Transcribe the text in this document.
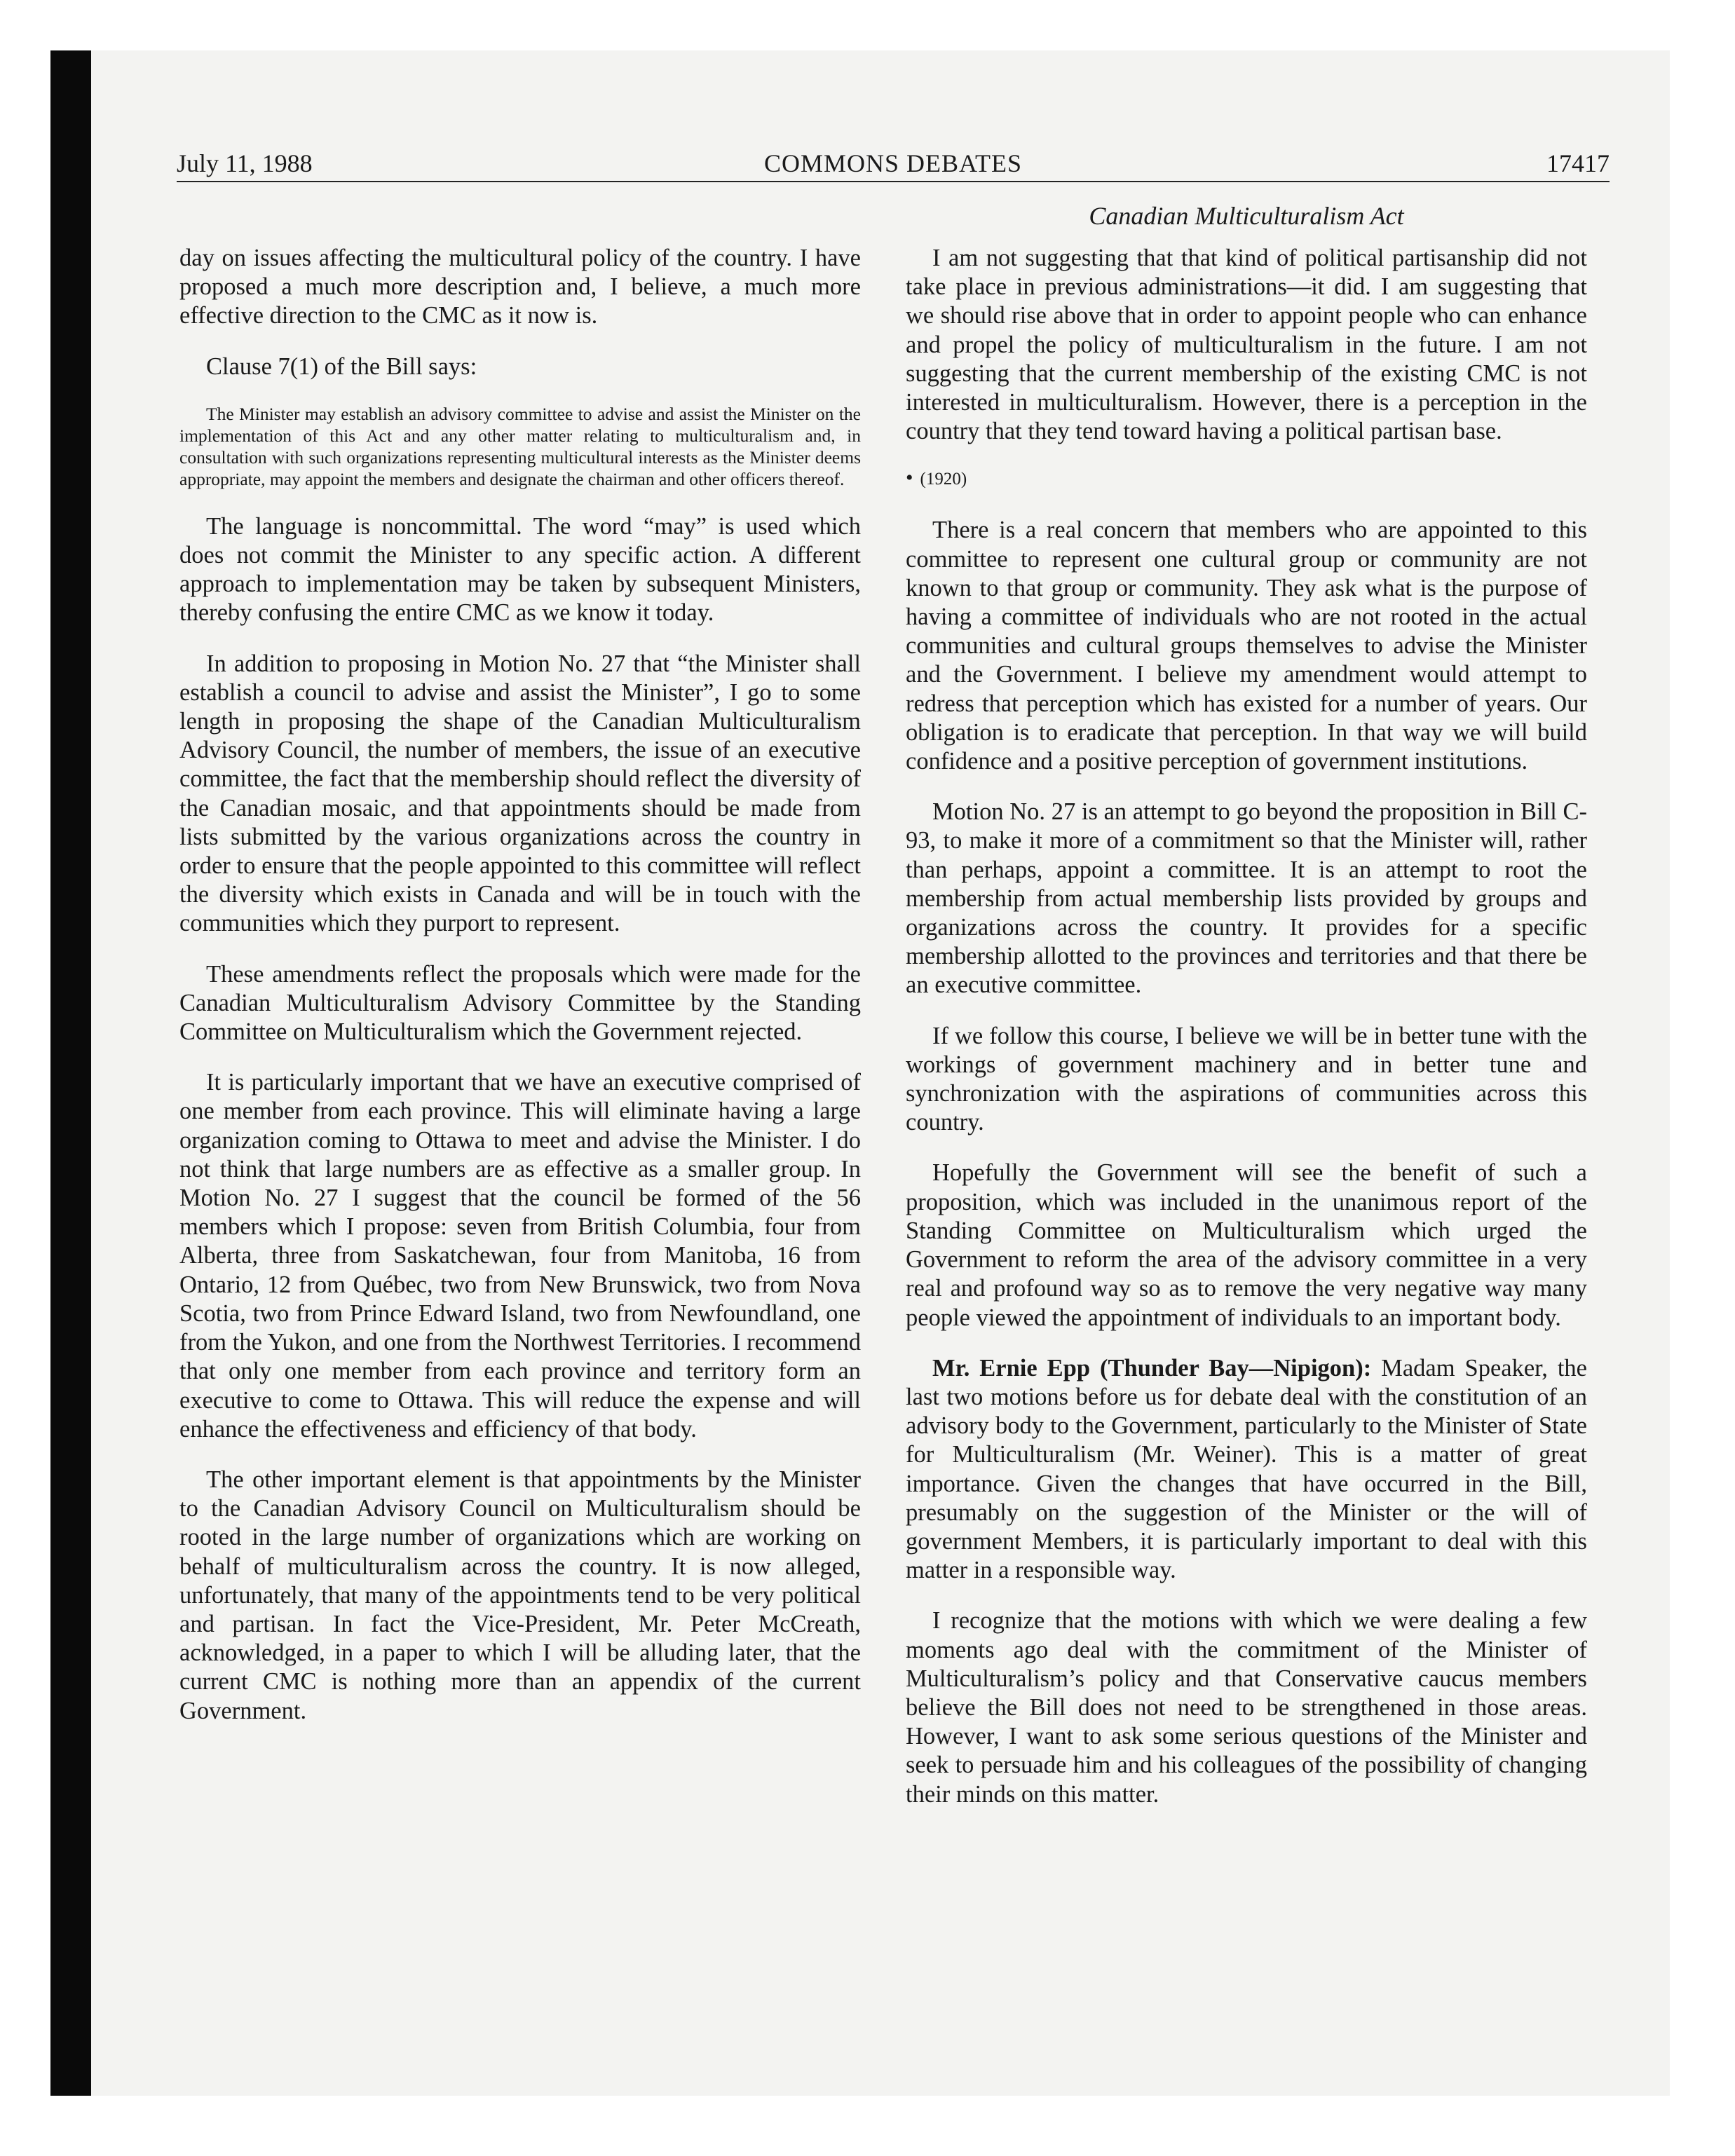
July 11, 1988	COMMONS DEBATES	17417
Canadian Multiculturalism Act

day on issues affecting the multicultural policy of the country. I have proposed a much more description and, I believe, a much more effective direction to the CMC as it now is.

Clause 7(1) of the Bill says:

The Minister may establish an advisory committee to advise and assist the Minister on the implementation of this Act and any other matter relating to multiculturalism and, in consultation with such organizations representing multicultural interests as the Minister deems appropriate, may appoint the members and designate the chairman and other officers thereof.

The language is noncommittal. The word “may” is used which does not commit the Minister to any specific action. A different approach to implementation may be taken by subsequent Ministers, thereby confusing the entire CMC as we know it today.

In addition to proposing in Motion No. 27 that “the Minister shall establish a council to advise and assist the Minister”, I go to some length in proposing the shape of the Canadian Multiculturalism Advisory Council, the number of members, the issue of an executive committee, the fact that the membership should reflect the diversity of the Canadian mosaic, and that appointments should be made from lists submitted by the various organizations across the country in order to ensure that the people appointed to this committee will reflect the diversity which exists in Canada and will be in touch with the communities which they purport to represent.

These amendments reflect the proposals which were made for the Canadian Multiculturalism Advisory Committee by the Standing Committee on Multiculturalism which the Government rejected.

It is particularly important that we have an executive comprised of one member from each province. This will eliminate having a large organization coming to Ottawa to meet and advise the Minister. I do not think that large numbers are as effective as a smaller group. In Motion No. 27 I suggest that the council be formed of the 56 members which I propose: seven from British Columbia, four from Alberta, three from Saskatchewan, four from Manitoba, 16 from Ontario, 12 from Québec, two from New Brunswick, two from Nova Scotia, two from Prince Edward Island, two from Newfoundland, one from the Yukon, and one from the Northwest Territories. I recommend that only one member from each province and territory form an executive to come to Ottawa. This will reduce the expense and will enhance the effectiveness and efficiency of that body.

The other important element is that appointments by the Minister to the Canadian Advisory Council on Multiculturalism should be rooted in the large number of organizations which are working on behalf of multiculturalism across the country. It is now alleged, unfortunately, that many of the appointments tend to be very political and partisan. In fact the Vice-President, Mr. Peter McCreath, acknowledged, in a paper to which I will be alluding later, that the current CMC is nothing more than an appendix of the current Government.

I am not suggesting that that kind of political partisanship did not take place in previous administrations—it did. I am suggesting that we should rise above that in order to appoint people who can enhance and propel the policy of multiculturalism in the future. I am not suggesting that the current membership of the existing CMC is not interested in multiculturalism. However, there is a perception in the country that they tend toward having a political partisan base.

• (1920)

There is a real concern that members who are appointed to this committee to represent one cultural group or community are not known to that group or community. They ask what is the purpose of having a committee of individuals who are not rooted in the actual communities and cultural groups themselves to advise the Minister and the Government. I believe my amendment would attempt to redress that perception which has existed for a number of years. Our obligation is to eradicate that perception. In that way we will build confidence and a positive perception of government institutions.

Motion No. 27 is an attempt to go beyond the proposition in Bill C-93, to make it more of a commitment so that the Minister will, rather than perhaps, appoint a committee. It is an attempt to root the membership from actual membership lists provided by groups and organizations across the country. It provides for a specific membership allotted to the provinces and territories and that there be an executive committee.

If we follow this course, I believe we will be in better tune with the workings of government machinery and in better tune and synchronization with the aspirations of communities across this country.

Hopefully the Government will see the benefit of such a proposition, which was included in the unanimous report of the Standing Committee on Multiculturalism which urged the Government to reform the area of the advisory committee in a very real and profound way so as to remove the very negative way many people viewed the appointment of individuals to an important body.

Mr. Ernie Epp (Thunder Bay—Nipigon): Madam Speaker, the last two motions before us for debate deal with the constitution of an advisory body to the Government, particularly to the Minister of State for Multiculturalism (Mr. Weiner). This is a matter of great importance. Given the changes that have occurred in the Bill, presumably on the suggestion of the Minister or the will of government Members, it is particularly important to deal with this matter in a responsible way.

I recognize that the motions with which we were dealing a few moments ago deal with the commitment of the Minister of Multiculturalism’s policy and that Conservative caucus members believe the Bill does not need to be strengthened in those areas. However, I want to ask some serious questions of the Minister and seek to persuade him and his colleagues of the possibility of changing their minds on this matter.
